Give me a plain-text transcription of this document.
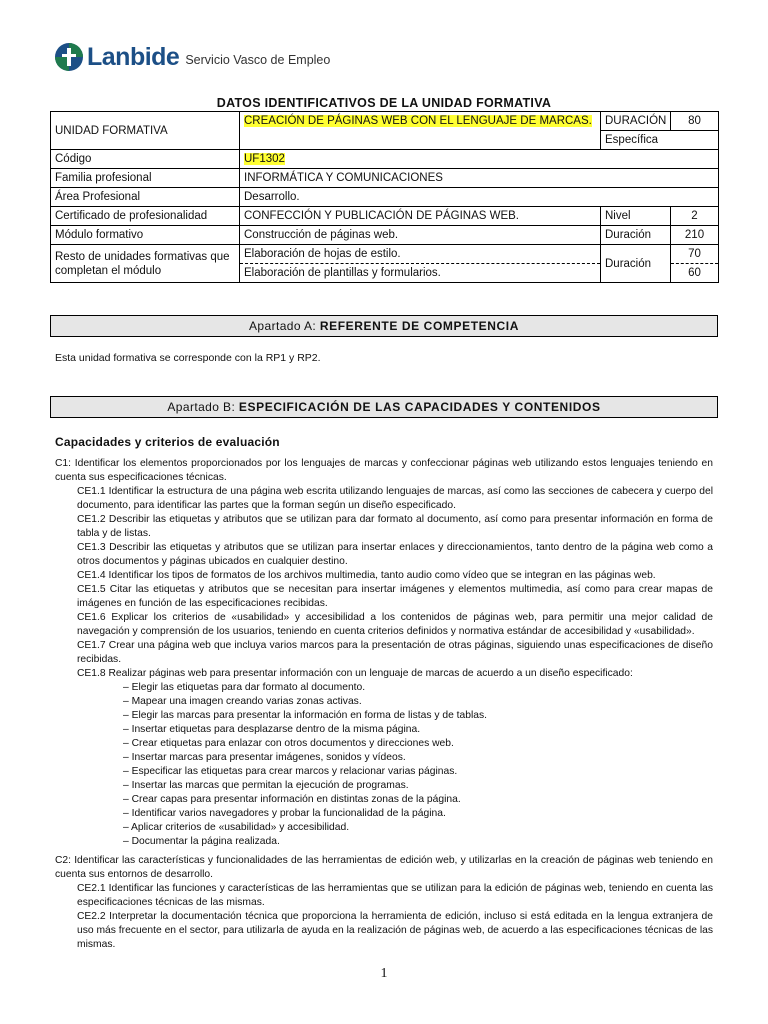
Lanbide Servicio Vasco de Empleo
DATOS IDENTIFICATIVOS DE LA UNIDAD FORMATIVA
UNIDAD FORMATIVA	CREACIÓN DE PÁGINAS WEB CON EL LENGUAJE DE MARCAS.	DURACIÓN	80
		Específica	
Código	UF1302		
Familia profesional	INFORMÁTICA Y COMUNICACIONES		
Área Profesional	Desarrollo.		
Certificado de profesionalidad	CONFECCIÓN Y PUBLICACIÓN DE PÁGINAS WEB.	Nivel	2
Módulo formativo	Construcción de páginas web.	Duración	210
Resto de unidades formativas que completan el módulo	Elaboración de hojas de estilo.	Duración	70
	Elaboración de plantillas y formularios.		60
Apartado A: REFERENTE DE COMPETENCIA
Esta unidad formativa se corresponde con la RP1 y RP2.
Apartado B: ESPECIFICACIÓN DE LAS CAPACIDADES Y CONTENIDOS
Capacidades y criterios de evaluación

C1: Identificar los elementos proporcionados por los lenguajes de marcas y confeccionar páginas web utilizando estos lenguajes teniendo en cuenta sus especificaciones técnicas.

CE1.1 Identificar la estructura de una página web escrita utilizando lenguajes de marcas, así como las secciones de cabecera y cuerpo del documento, para identificar las partes que la forman según un diseño especificado.

CE1.2 Describir las etiquetas y atributos que se utilizan para dar formato al documento, así como para presentar información en forma de tabla y de listas.

CE1.3 Describir las etiquetas y atributos que se utilizan para insertar enlaces y direccionamientos, tanto dentro de la página web como a otros documentos y páginas ubicados en cualquier destino.

CE1.4 Identificar los tipos de formatos de los archivos multimedia, tanto audio como vídeo que se integran en las páginas web.

CE1.5 Citar las etiquetas y atributos que se necesitan para insertar imágenes y elementos multimedia, así como para crear mapas de imágenes en función de las especificaciones recibidas.

CE1.6 Explicar los criterios de «usabilidad» y accesibilidad a los contenidos de páginas web, para permitir una mejor calidad de navegación y comprensión de los usuarios, teniendo en cuenta criterios definidos y normativa estándar de accesibilidad y «usabilidad».

CE1.7 Crear una página web que incluya varios marcos para la presentación de otras páginas, siguiendo unas especificaciones de diseño recibidas.

CE1.8 Realizar páginas web para presentar información con un lenguaje de marcas de acuerdo a un diseño especificado:

– Elegir las etiquetas para dar formato al documento.
– Mapear una imagen creando varias zonas activas.
– Elegir las marcas para presentar la información en forma de listas y de tablas.
– Insertar etiquetas para desplazarse dentro de la misma página.
– Crear etiquetas para enlazar con otros documentos y direcciones web.
– Insertar marcas para presentar imágenes, sonidos y vídeos.
– Especificar las etiquetas para crear marcos y relacionar varias páginas.
– Insertar las marcas que permitan la ejecución de programas.
– Crear capas para presentar información en distintas zonas de la página.
– Identificar varios navegadores y probar la funcionalidad de la página.
– Aplicar criterios de «usabilidad» y accesibilidad.
– Documentar la página realizada.

C2: Identificar las características y funcionalidades de las herramientas de edición web, y utilizarlas en la creación de páginas web teniendo en cuenta sus entornos de desarrollo.

CE2.1 Identificar las funciones y características de las herramientas que se utilizan para la edición de páginas web, teniendo en cuenta las especificaciones técnicas de las mismas.

CE2.2 Interpretar la documentación técnica que proporciona la herramienta de edición, incluso si está editada en la lengua extranjera de uso más frecuente en el sector, para utilizarla de ayuda en la realización de páginas web, de acuerdo a las especificaciones técnicas de las mismas.

1
